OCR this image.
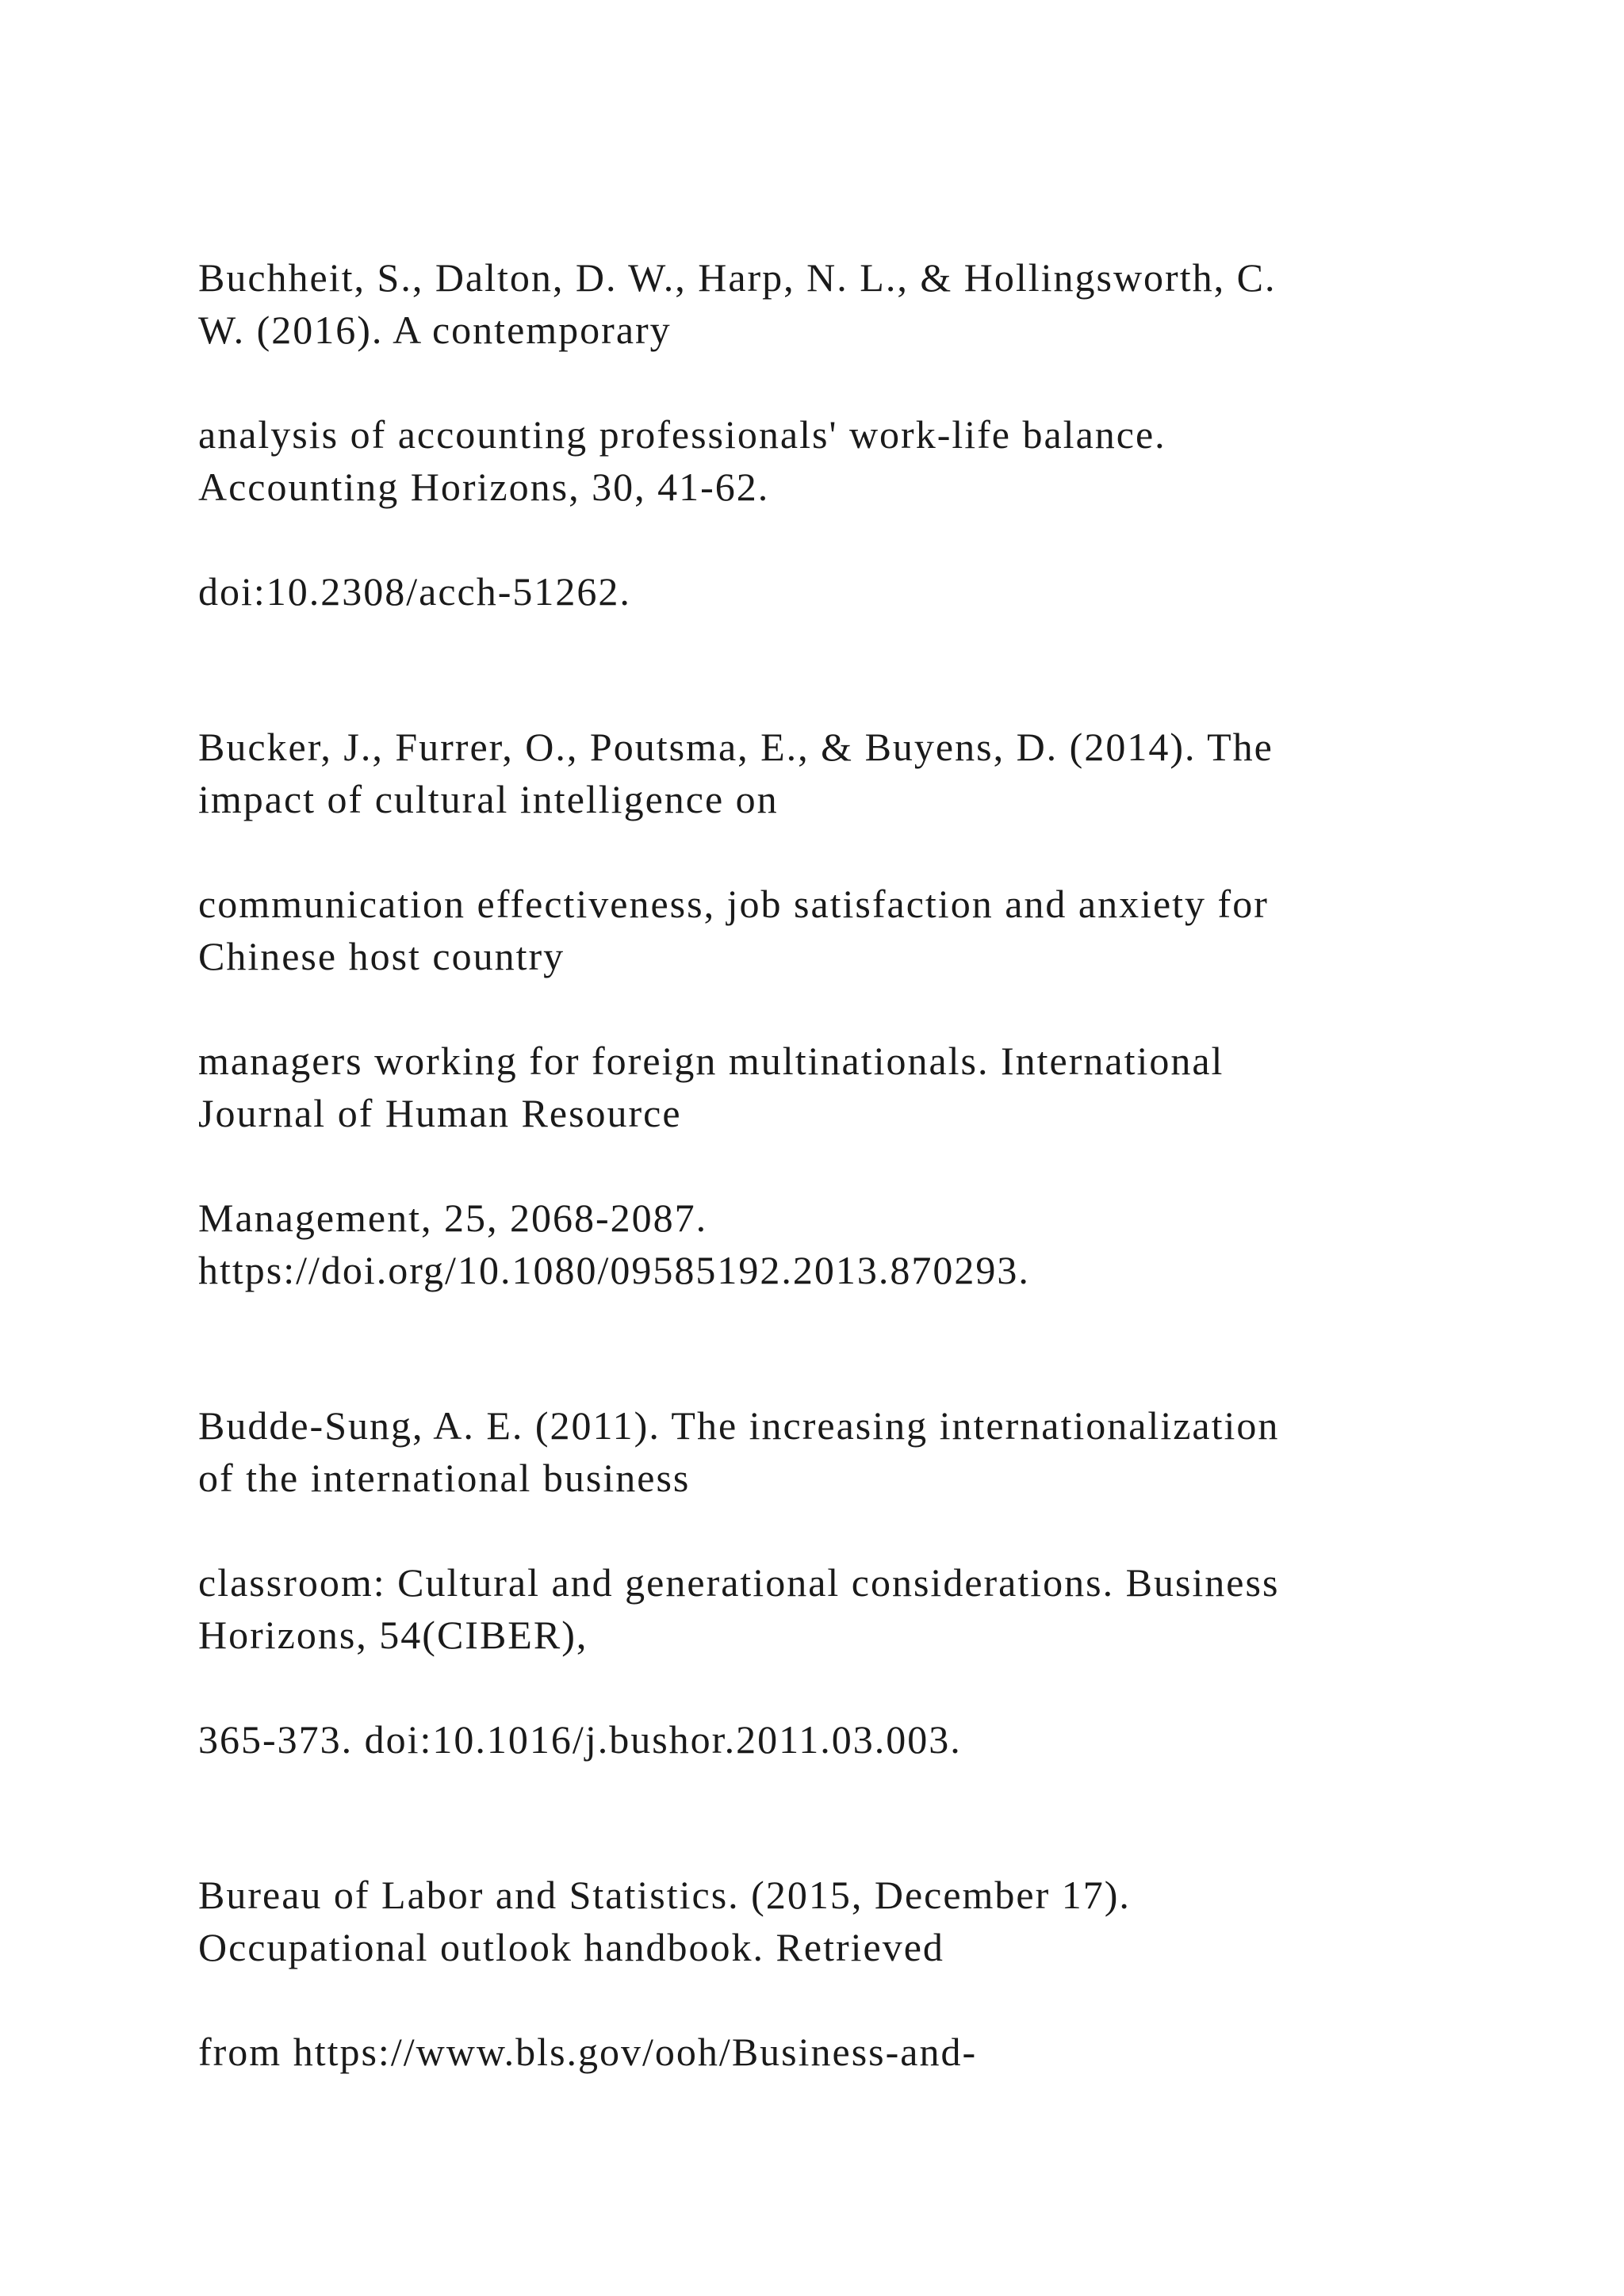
Buchheit, S., Dalton, D. W., Harp, N. L., & Hollingsworth, C.

W. (2016). A contemporary

analysis of accounting professionals' work-life balance.

Accounting Horizons, 30, 41-62.

doi:10.2308/acch-51262.

Bucker, J., Furrer, O., Poutsma, E., & Buyens, D. (2014). The

impact of cultural intelligence on

communication effectiveness, job satisfaction and anxiety for

Chinese host country

managers working for foreign multinationals. International

Journal of Human Resource

Management, 25, 2068-2087.

https://doi.org/10.1080/09585192.2013.870293.

Budde-Sung, A. E. (2011). The increasing internationalization

of the international business

classroom: Cultural and generational considerations. Business

Horizons, 54(CIBER),

365-373. doi:10.1016/j.bushor.2011.03.003.

Bureau of Labor and Statistics. (2015, December 17).

Occupational outlook handbook. Retrieved

from https://www.bls.gov/ooh/Business-and-
